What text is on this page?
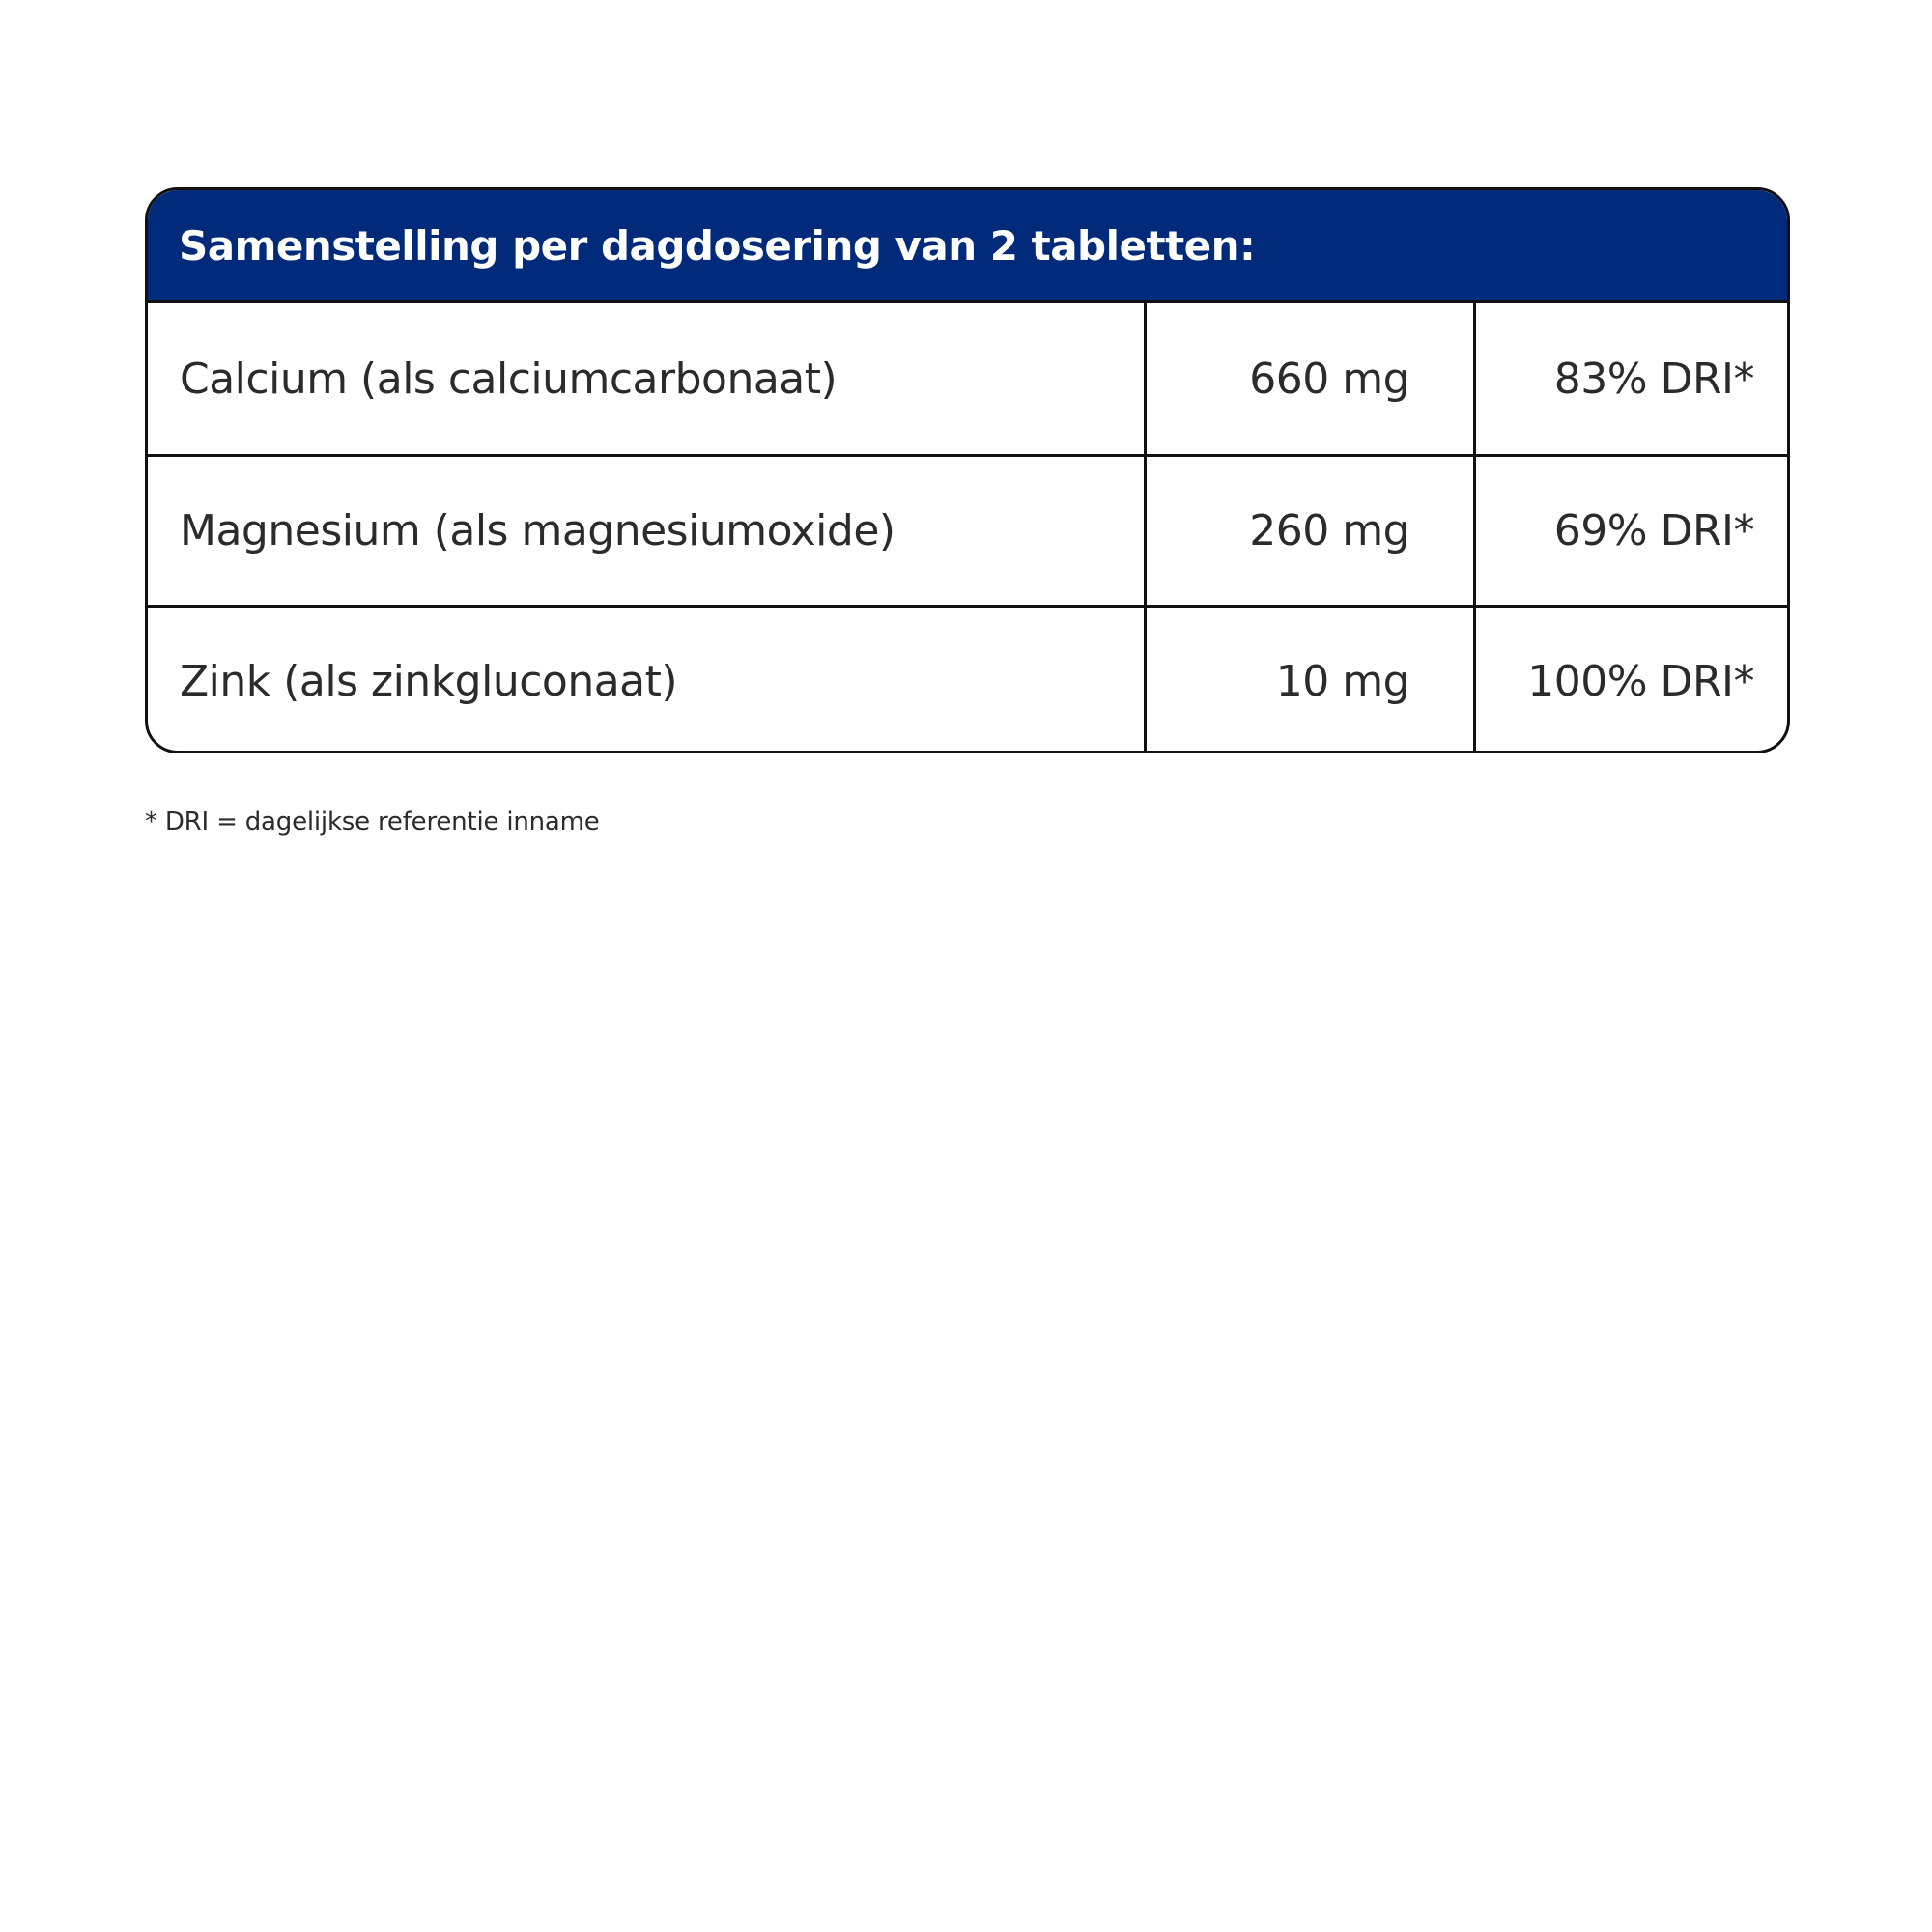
Samenstelling per dagdosering van 2 tabletten:
Calcium (als calciumcarbonaat)	660 mg	83% DRI*
Magnesium (als magnesiumoxide)	260 mg	69% DRI*
Zink (als zinkgluconaat)	10 mg	100% DRI*
* DRI = dagelijkse referentie inname
